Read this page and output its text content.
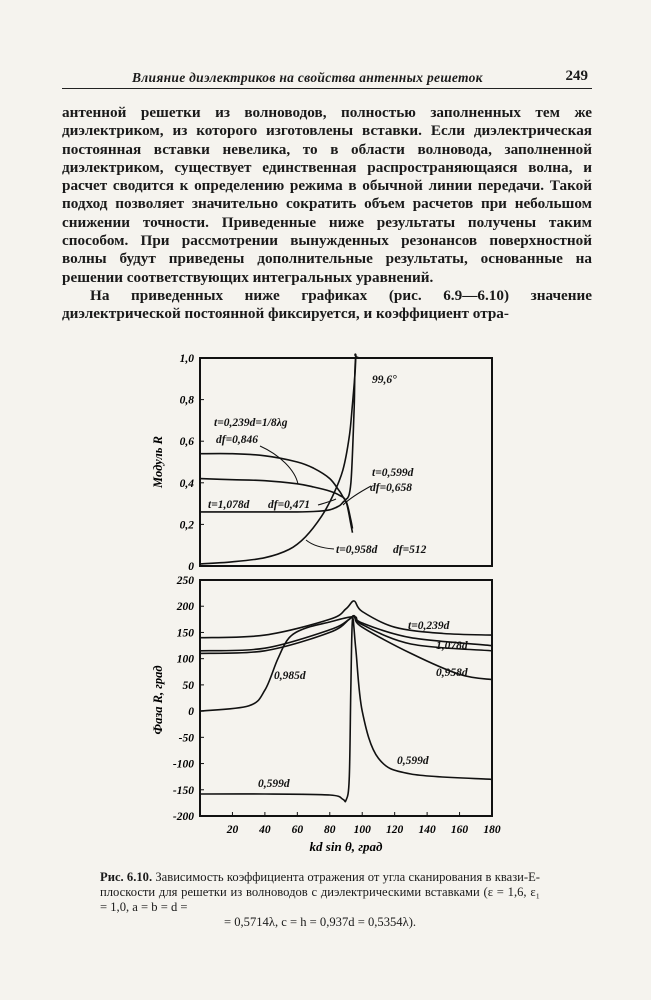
Влияние диэлектриков на свойства антенных решеток	249

антенной решетки из волноводов, полностью заполненных тем же диэлектриком, из которого изготовлены вставки. Если диэлектрическая постоянная вставки невелика, то в области волновода, заполненной диэлектриком, существует единственная распространяющаяся волна, и расчет сводится к определению режима в обычной линии передачи. Такой подход позволяет значительно сократить объем расчетов при небольшом снижении точности. Приведенные ниже результаты получены таким способом. При рассмотрении вынужденных резонансов поверхностной волны будут приведены дополнительные результаты, основанные на решении соответствующих интегральных уравнений.

На приведенных ниже графиках (рис. 6.9—6.10) значение диэлектрической постоянной фиксируется, и коэффициент отра-

0
0,2
0,4
0,6
0,8
1,0
250
200
150
100
50
0
-50
-100
-150
-200
20 40 60 80 100 120 140 160 180
Модуль R
Фаза R, град
kd sin θ, град
99,6°
t=0,239d=1/8λg
df=0,846
t=0,599d
df=0,658
t=1,078d df=0,471
t=0,958d df=512
t=0,239d
1,078d
0,958d
0,985d
0,599d
0,599d
Рис. 6.10. Зависимость коэффициента отражения от угла сканирования в квази-E-плоскости для решетки из волноводов с диэлектрическими вставками (ε = 1,6, ε₁ = 1,0, a = b = d =
= 0,5714λ, c = h = 0,937d = 0,5354λ).
